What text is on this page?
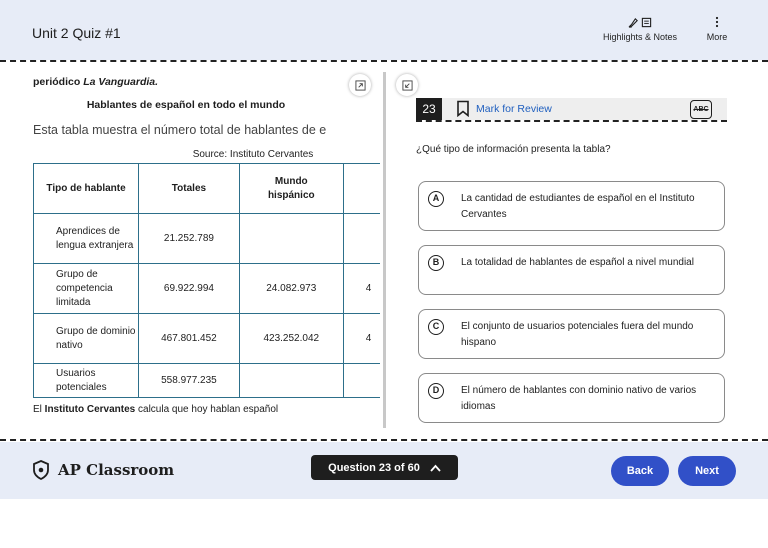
Unit 2 Quiz #1	Highlights & Notes	More
periódico La Vanguardia.
Hablantes de español en todo el mundo
Esta tabla muestra el número total de hablantes de e
Source: Instituto Cervantes
Tipo de hablante	Totales	Mundo hispánico	
Aprendices de lengua extranjera	21.252.789		
Grupo de competencia limitada	69.922.994	24.082.973	4
Grupo de dominio nativo	467.801.452	423.252.042	4
Usuarios potenciales	558.977.235		
El Instituto Cervantes calcula que hoy hablan español
23	Mark for Review	ABC
¿Qué tipo de información presenta la tabla?
A	La cantidad de estudiantes de español en el Instituto Cervantes
B	La totalidad de hablantes de español a nivel mundial
C	El conjunto de usuarios potenciales fuera del mundo hispano
D	El número de hablantes con dominio nativo de varios idiomas
AP Classroom	Question 23 of 60	Back	Next
